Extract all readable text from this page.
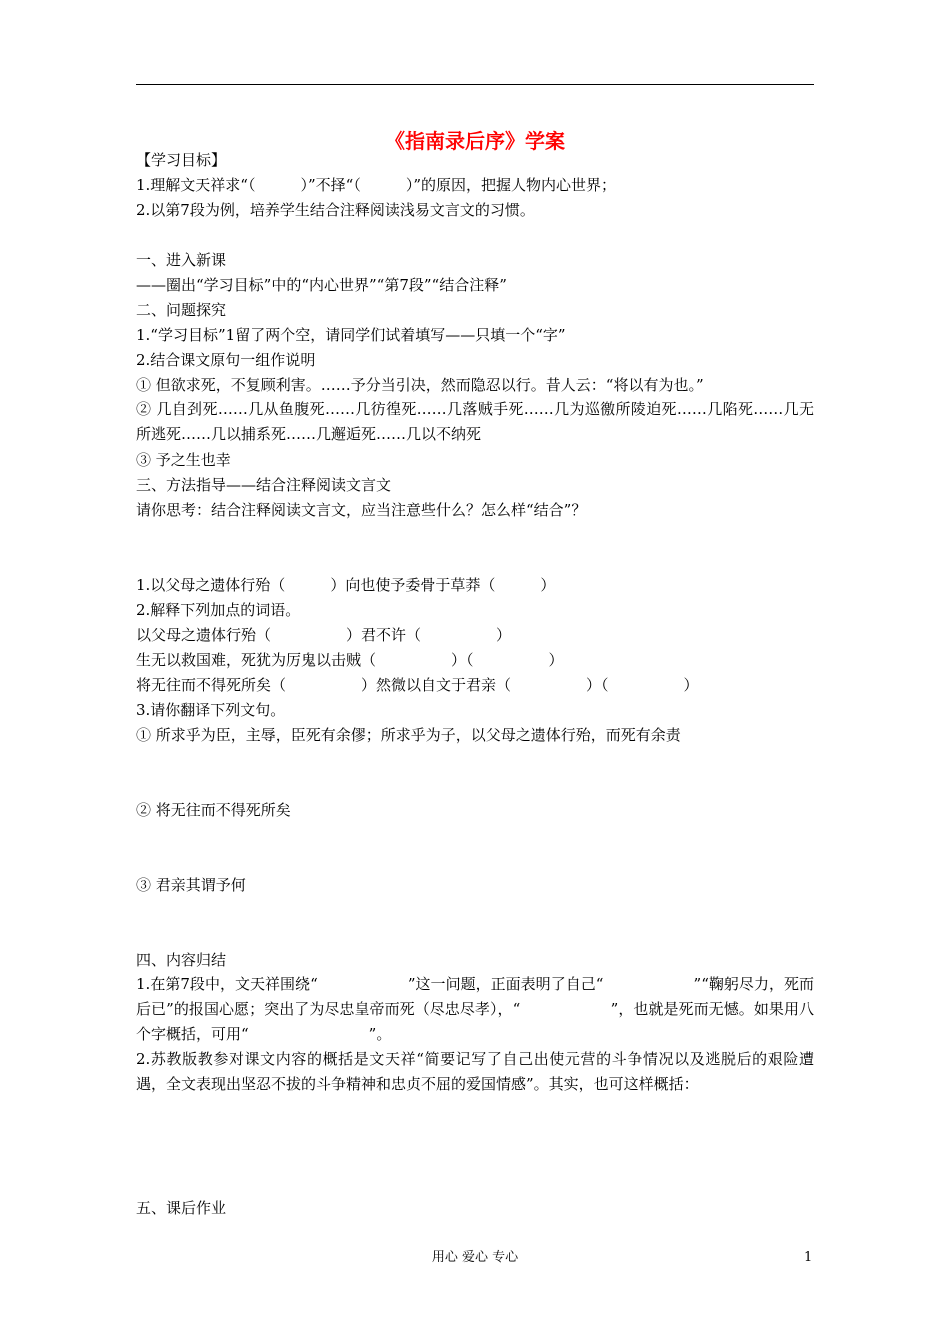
《指南录后序》学案
【学习目标】
1.理解文天祥求“（　　　）”不择“（　　　）”的原因，把握人物内心世界；
2.以第7段为例，培养学生结合注释阅读浅易文言文的习惯。
一、进入新课
——圈出“学习目标”中的“内心世界”“第7段”“结合注释”
二、问题探究
1.“学习目标”1留了两个空，请同学们试着填写——只填一个“字”
2.结合课文原句一组作说明
① 但欲求死，不复顾利害。……予分当引决，然而隐忍以行。昔人云：“将以有为也。”
② 几自刭死……几从鱼腹死……几彷徨死……几落贼手死……几为巡徼所陵迫死……几陷死……几无所逃死……几以捕系死……几邂逅死……几以不纳死
③ 予之生也幸
三、方法指导——结合注释阅读文言文
请你思考：结合注释阅读文言文，应当注意些什么？怎么样“结合”？
1.以父母之遗体行殆（　　　）向也使予委骨于草莽（　　　）
2.解释下列加点的词语。
以父母之遗体行殆（　　　　　）君不许（　　　　　）
生无以救国难，死犹为厉鬼以击贼（　　　　　）（　　　　　）
将无往而不得死所矣（　　　　　）然微以自文于君亲（　　　　　）（　　　　　）
3.请你翻译下列文句。
① 所求乎为臣，主辱，臣死有余僇；所求乎为子，以父母之遗体行殆，而死有余责
② 将无往而不得死所矣
③ 君亲其谓予何
四、内容归结
1.在第7段中，文天祥围绕“　　　　　　”这一问题，正面表明了自己“　　　　　　”“鞠躬尽力，死而后已”的报国心愿；突出了为尽忠皇帝而死（尽忠尽孝），“　　　　　　”，也就是死而无憾。如果用八个字概括，可用“　　　　　　　　”。
2.苏教版教参对课文内容的概括是文天祥“简要记写了自己出使元营的斗争情况以及逃脱后的艰险遭遇，全文表现出坚忍不拔的斗争精神和忠贞不屈的爱国情感”。其实，也可这样概括：
五、课后作业
用心 爱心 专心	1
